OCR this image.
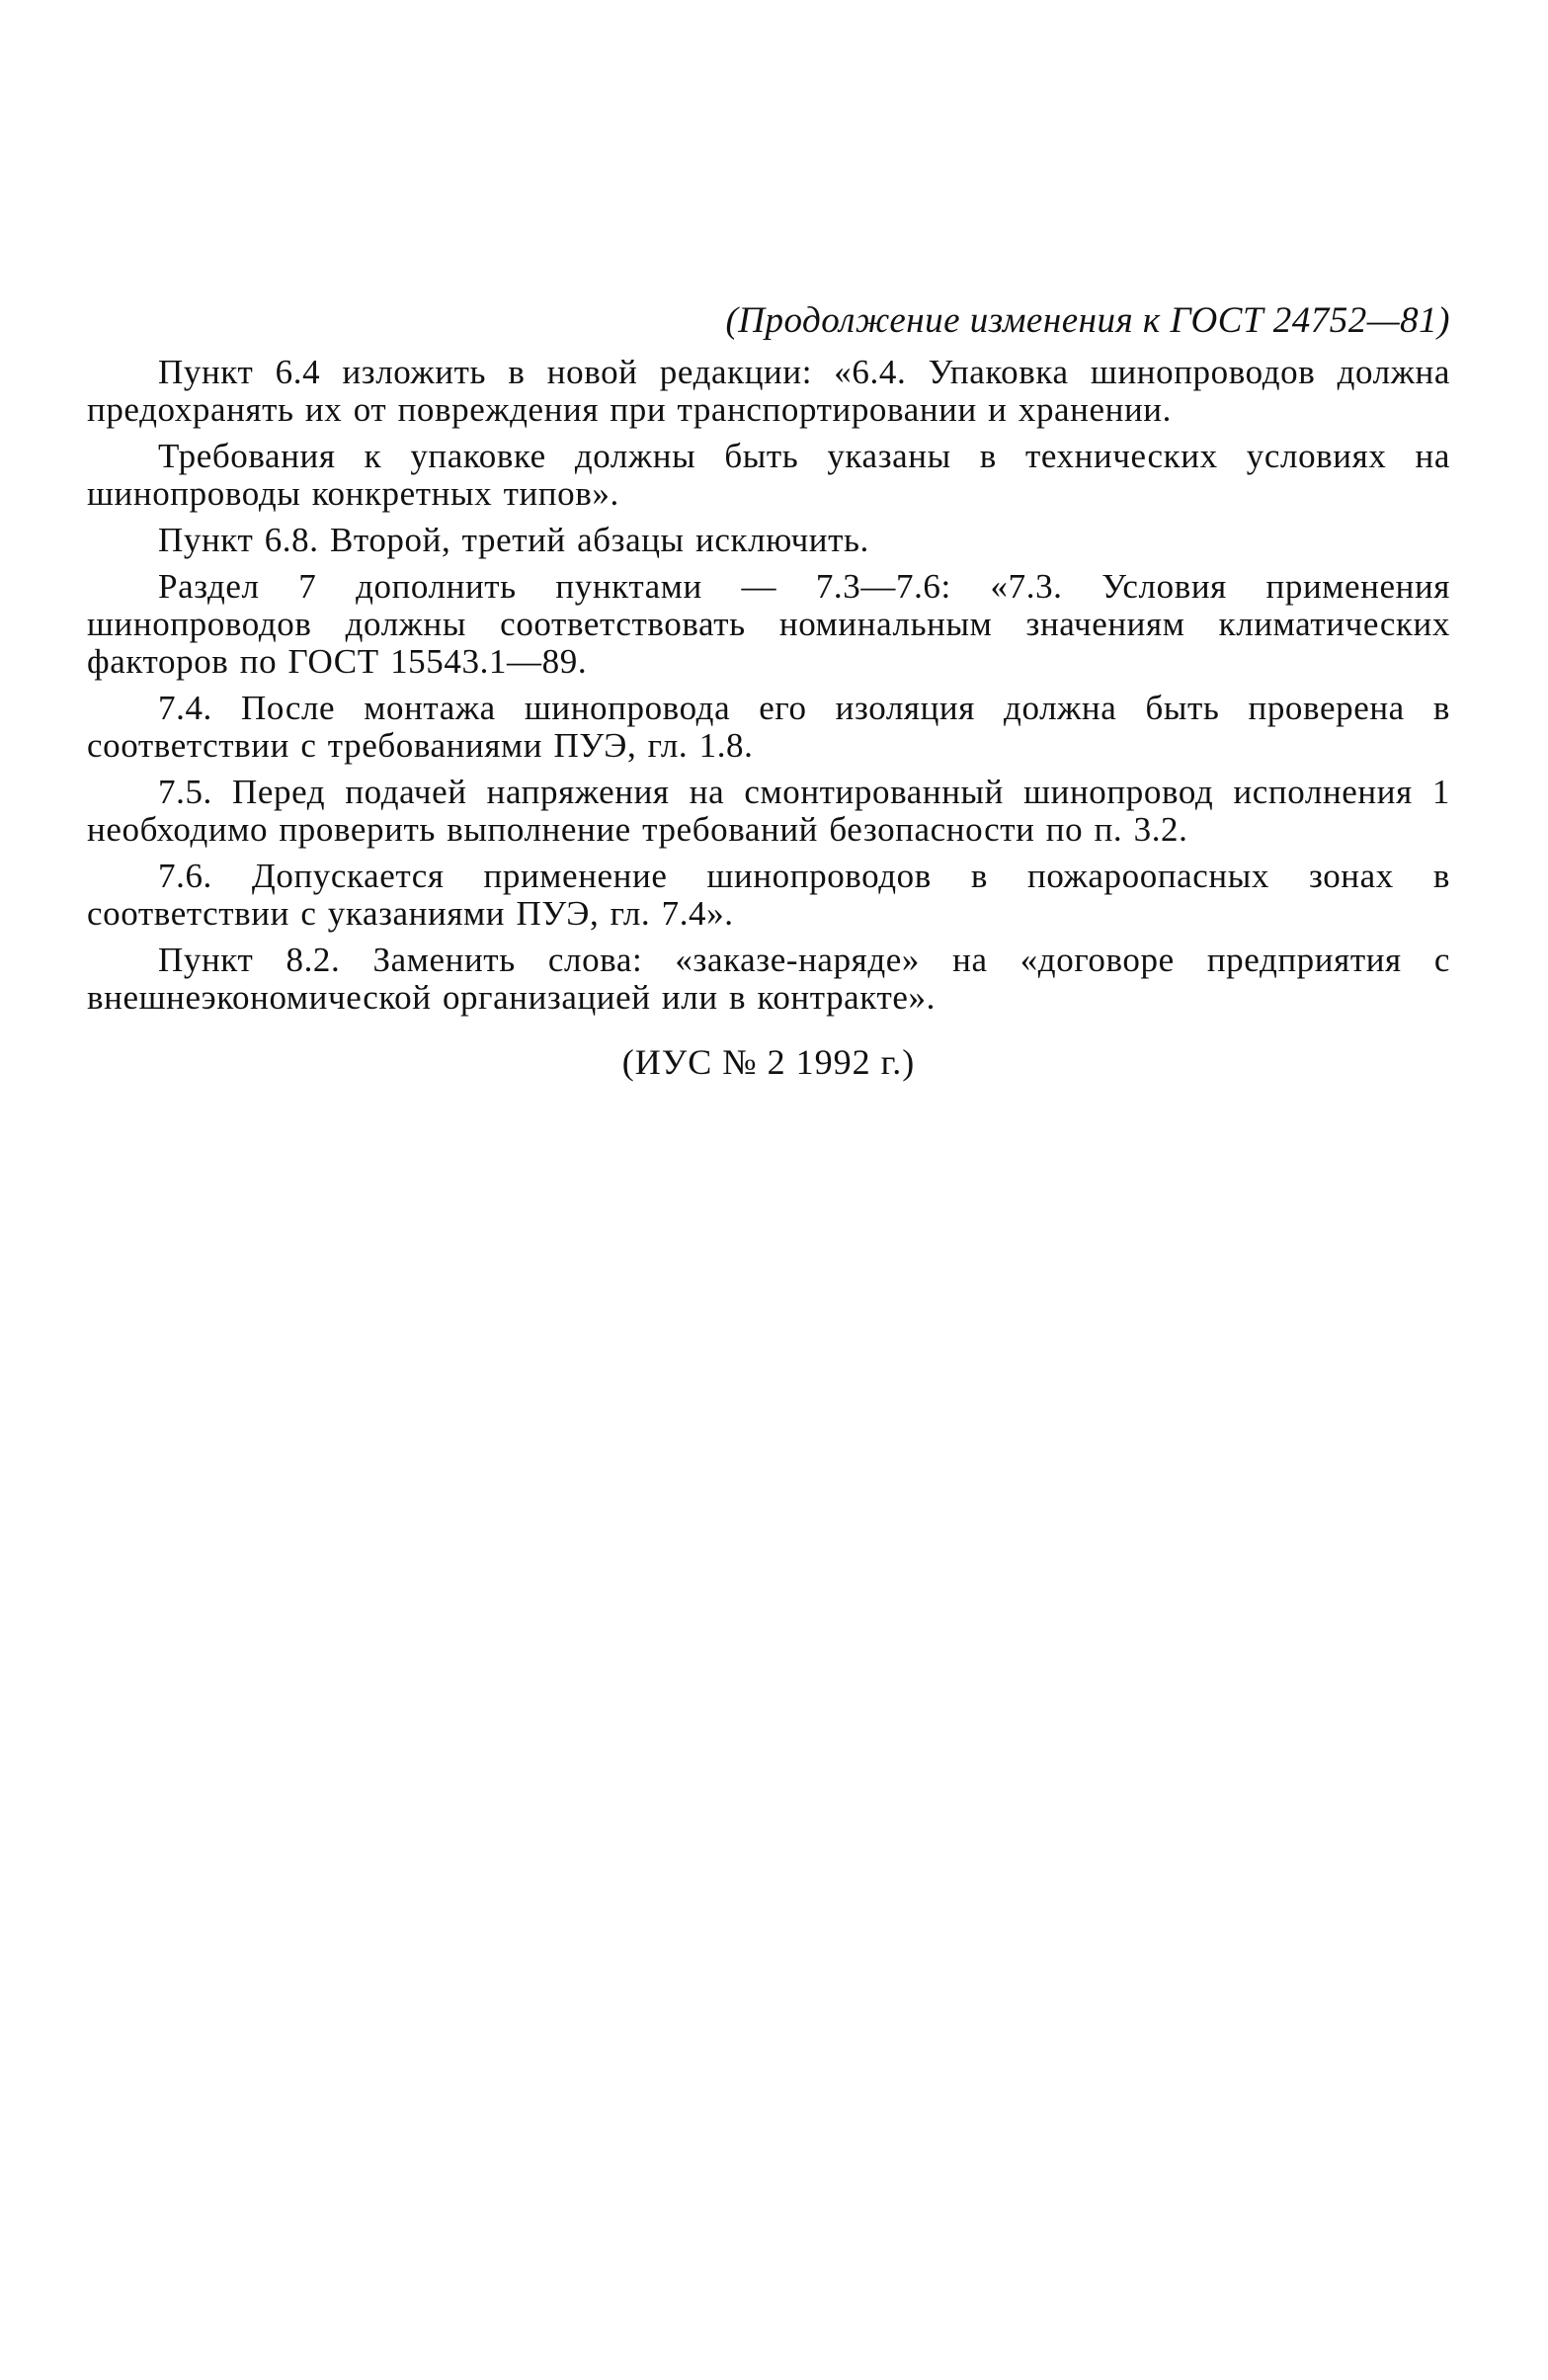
(Продолжение изменения к ГОСТ 24752—81)

Пункт 6.4 изложить в новой редакции: «6.4. Упаковка шинопроводов должна предохранять их от повреждения при транспортировании и хранении.

Требования к упаковке должны быть указаны в технических условиях на шинопроводы конкретных типов».

Пункт 6.8. Второй, третий абзацы исключить.

Раздел 7 дополнить пунктами — 7.3—7.6: «7.3. Условия применения шинопроводов должны соответствовать номинальным значениям климатических факторов по ГОСТ 15543.1—89.

7.4. После монтажа шинопровода его изоляция должна быть проверена в соответствии с требованиями ПУЭ, гл. 1.8.

7.5. Перед подачей напряжения на смонтированный шинопровод исполнения 1 необходимо проверить выполнение требований безопасности по п. 3.2.

7.6. Допускается применение шинопроводов в пожароопасных зонах в соответствии с указаниями ПУЭ, гл. 7.4».

Пункт 8.2. Заменить слова: «заказе-наряде» на «договоре предприятия с внешнеэкономической организацией или в контракте».

(ИУС № 2 1992 г.)
